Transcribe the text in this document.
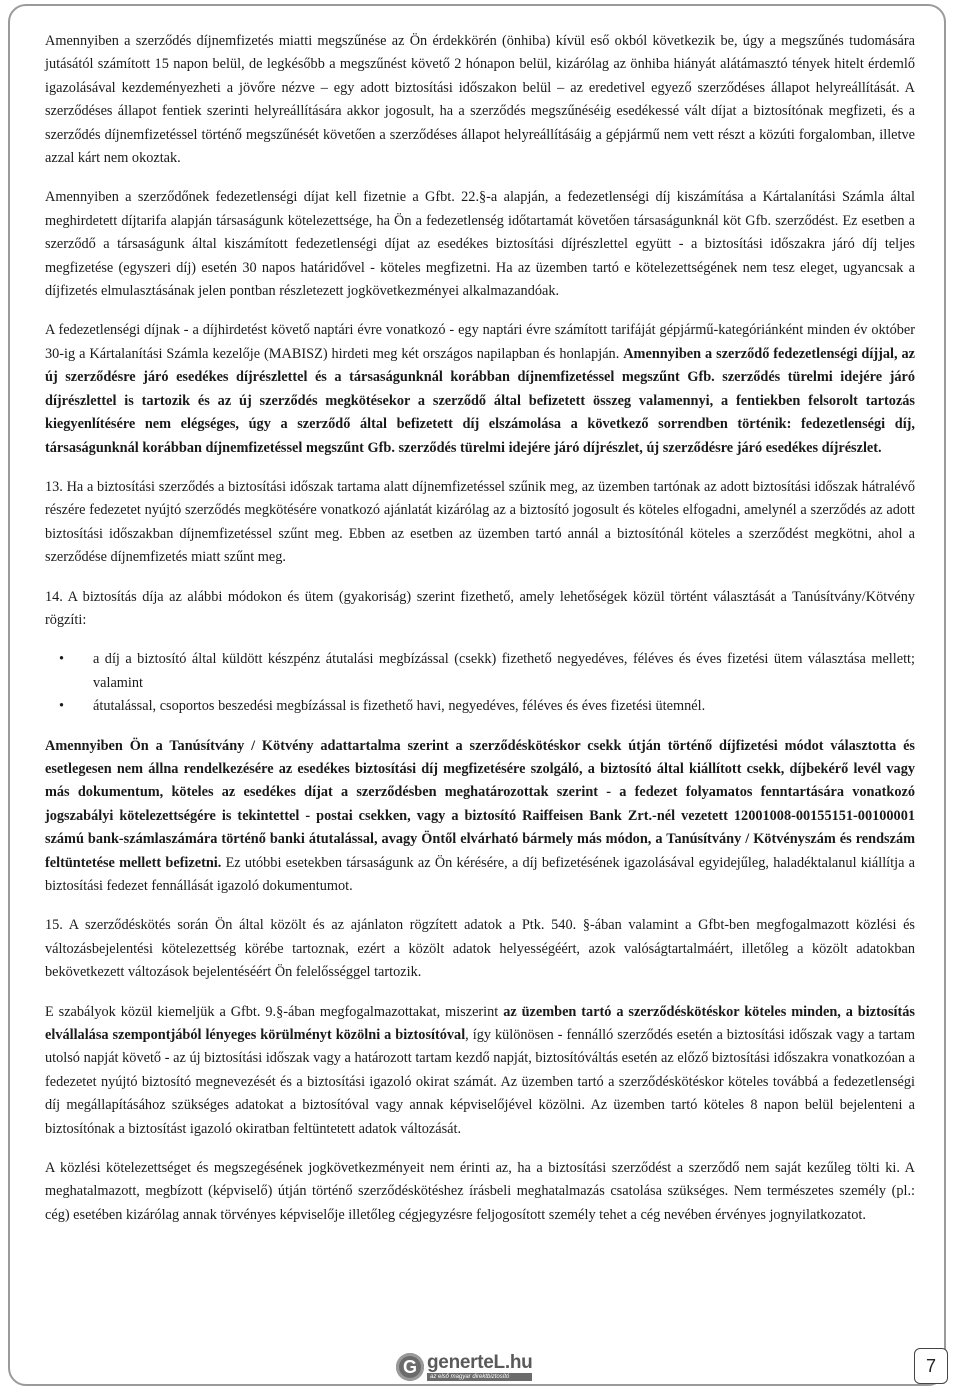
Amennyiben a szerződés díjnemfizetés miatti megszűnése az Ön érdekkörén (önhiba) kívül eső okból következik be, úgy a megszűnés tudomására jutásától számított 15 napon belül, de legkésőbb a megszűnést követő 2 hónapon belül, kizárólag az önhiba hiányát alátámasztó tények hitelt érdemlő igazolásával kezdeményezheti a jövőre nézve – egy adott biztosítási időszakon belül – az eredetivel egyező szerződéses állapot helyreállítását. A szerződéses állapot fentiek szerinti helyreállítására akkor jogosult, ha a szerződés megszűnéséig esedékessé vált díjat a biztosítónak megfizeti, és a szerződés díjnemfizetéssel történő megszűnését követően a szerződéses állapot helyreállításáig a gépjármű nem vett részt a közúti forgalomban, illetve azzal kárt nem okoztak.

Amennyiben a szerződőnek fedezetlenségi díjat kell fizetnie a Gfbt. 22.§-a alapján, a fedezetlenségi díj kiszámítása a Kártalanítási Számla által meghirdetett díjtarifa alapján társaságunk kötelezettsége, ha Ön a fedezetlenség időtartamát követően társaságunknál köt Gfb. szerződést. Ez esetben a szerződő a társaságunk által kiszámított fedezetlenségi díjat az esedékes biztosítási díjrészlettel együtt - a biztosítási időszakra járó díj teljes megfizetése (egyszeri díj) esetén 30 napos határidővel - köteles megfizetni. Ha az üzemben tartó e kötelezettségének nem tesz eleget, ugyancsak a díjfizetés elmulasztásának jelen pontban részletezett jogkövetkezményei alkalmazandóak.

A fedezetlenségi díjnak - a díjhirdetést követő naptári évre vonatkozó - egy naptári évre számított tarifáját gépjármű-kategóriánként minden év október 30-ig a Kártalanítási Számla kezelője (MABISZ) hirdeti meg két országos napilapban és honlapján. Amennyiben a szerződő fedezetlenségi díjjal, az új szerződésre járó esedékes díjrészlettel és a társaságunknál korábban díjnemfizetéssel megszűnt Gfb. szerződés türelmi idejére járó díjrészlettel is tartozik és az új szerződés megkötésekor a szerződő által befizetett összeg valamennyi, a fentiekben felsorolt tartozás kiegyenlítésére nem elégséges, úgy a szerződő által befizetett díj elszámolása a következő sorrendben történik: fedezetlenségi díj, társaságunknál korábban díjnemfizetéssel megszűnt Gfb. szerződés türelmi idejére járó díjrészlet, új szerződésre járó esedékes díjrészlet.

13. Ha a biztosítási szerződés a biztosítási időszak tartama alatt díjnemfizetéssel szűnik meg, az üzemben tartónak az adott biztosítási időszak hátralévő részére fedezetet nyújtó szerződés megkötésére vonatkozó ajánlatát kizárólag az a biztosító jogosult és köteles elfogadni, amelynél a szerződés az adott biztosítási időszakban díjnemfizetéssel szűnt meg. Ebben az esetben az üzemben tartó annál a biztosítónál köteles a szerződést megkötni, ahol a szerződése díjnemfizetés miatt szűnt meg.

14. A biztosítás díja az alábbi módokon és ütem (gyakoriság) szerint fizethető, amely lehetőségek közül történt választását a Tanúsítvány/Kötvény rögzíti:

• a díj a biztosító által küldött készpénz átutalási megbízással (csekk) fizethető negyedéves, féléves és éves fizetési ütem választása mellett; valamint
• átutalással, csoportos beszedési megbízással is fizethető havi, negyedéves, féléves és éves fizetési ütemnél.

Amennyiben Ön a Tanúsítvány / Kötvény adattartalma szerint a szerződéskötéskor csekk útján történő díjfizetési módot választotta és esetlegesen nem állna rendelkezésére az esedékes biztosítási díj megfizetésére szolgáló, a biztosító által kiállított csekk, díjbekérő levél vagy más dokumentum, köteles az esedékes díjat a szerződésben meghatározottak szerint - a fedezet folyamatos fenntartására vonatkozó jogszabályi kötelezettségére is tekintettel - postai csekken, vagy a biztosító Raiffeisen Bank Zrt.-nél vezetett 12001008-00155151-00100001 számú bank-számlaszámára történő banki átutalással, avagy Öntől elvárható bármely más módon, a Tanúsítvány / Kötvényszám és rendszám feltüntetése mellett befizetni. Ez utóbbi esetekben társaságunk az Ön kérésére, a díj befizetésének igazolásával egyidejűleg, haladéktalanul kiállítja a biztosítási fedezet fennállását igazoló dokumentumot.

15. A szerződéskötés során Ön által közölt és az ajánlaton rögzített adatok a Ptk. 540. §-ában valamint a Gfbt-ben megfogalmazott közlési és változásbejelentési kötelezettség körébe tartoznak, ezért a közölt adatok helyességéért, azok valóságtartalmáért, illetőleg a közölt adatokban bekövetkezett változások bejelentéséért Ön felelősséggel tartozik.

E szabályok közül kiemeljük a Gfbt. 9.§-ában megfogalmazottakat, miszerint az üzemben tartó a szerződéskötéskor köteles minden, a biztosítás elvállalása szempontjából lényeges körülményt közölni a biztosítóval, így különösen - fennálló szerződés esetén a biztosítási időszak vagy a tartam utolsó napját követő - az új biztosítási időszak vagy a határozott tartam kezdő napját, biztosítóváltás esetén az előző biztosítási időszakra vonatkozóan a fedezetet nyújtó biztosító megnevezését és a biztosítási igazoló okirat számát. Az üzemben tartó a szerződéskötéskor köteles továbbá a fedezetlenségi díj megállapításához szükséges adatokat a biztosítóval vagy annak képviselőjével közölni. Az üzemben tartó köteles 8 napon belül bejelenteni a biztosítónak a biztosítást igazoló okiratban feltüntetett adatok változását.

A közlési kötelezettséget és megszegésének jogkövetkezményeit nem érinti az, ha a biztosítási szerződést a szerződő nem saját kezűleg tölti ki. A meghatalmazott, megbízott (képviselő) útján történő szerződéskötéshez írásbeli meghatalmazás csatolása szükséges. Nem természetes személy (pl.: cég) esetében kizárólag annak törvényes képviselője illetőleg cégjegyzésre feljogosított személy tehet a cég nevében érvényes jognyilatkozatot.

G generteL.hu
az első magyar direktbiztosító
7
